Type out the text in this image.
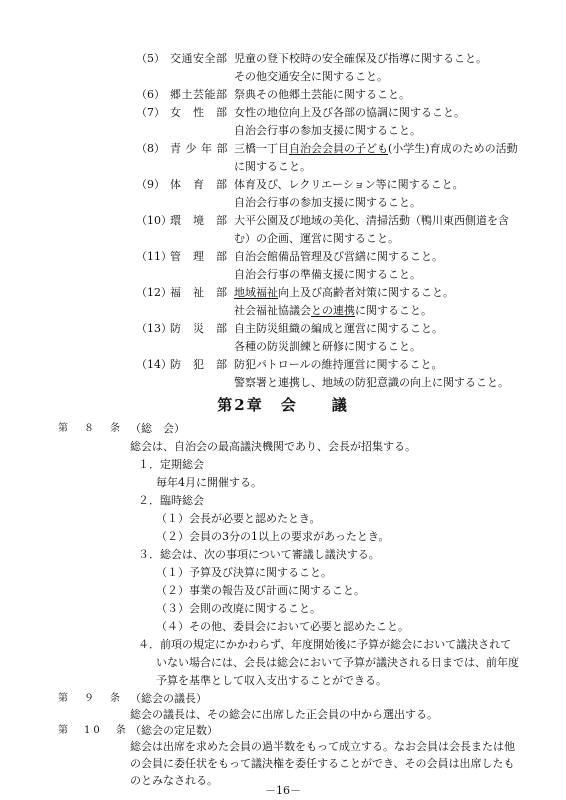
（5） 交通安全部 児童の登下校時の安全確保及び指導に関すること。
その他交通安全に関すること。
（6） 郷土芸能部 祭典その他郷土芸能に関すること。
（7） 女　性　部 女性の地位向上及び各部の協調に関すること。
自治会行事の参加支援に関すること。
（8） 青 少 年 部 三橋一丁目自治会会員の子ども(小学生)育成のための活動
に関すること。
（9） 体　育　部 体育及び、レクリエーション等に関すること。
自治会行事の参加支援に関すること。
（10）
環　境　部 大平公園及び地域の美化、清掃活動（鴨川東西側道を含
む）の企画、運営に関すること。
（11）
管　理　部 自治会館備品管理及び営繕に関すること。
自治会行事の準備支援に関すること。
（12）
福　祉　部 地域福祉向上及び高齢者対策に関すること。
社会福祉協議会との連携に関すること。
（13）
防　災　部 自主防災組織の編成と運営に関すること。
各種の防災訓練と研修に関すること。
（14）
防　犯　部 防犯パトロールの維持運営に関すること。
警察署と連携し、地域の防犯意識の向上に関すること。
第2章　会　　議
第　８　条 （総　会）
総会は、自治会の最高議決機関であり、会長が招集する。
１．定期総会
毎年4月に開催する。
２．臨時総会
（１）会長が必要と認めたとき。
（２）会員の3分の1以上の要求があったとき。
３．総会は、次の事項について審議し議決する。
（１）予算及び決算に関すること。
（２）事業の報告及び計画に関すること。
（３）会則の改廃に関すること。
（４）その他、委員会において必要と認めたこと。
４．前項の規定にかかわらず、年度開始後に予算が総会において議決されて
いない場合には、会長は総会において予算が議決される日までは、前年度
予算を基準として収入支出することができる。
第　９　条 （総会の議長）
総会の議長は、その総会に出席した正会員の中から選出する。
第　10　条 （総会の定足数）
総会は出席を求めた会員の過半数をもって成立する。なお会員は会長または他の会員に委任状をもって議決権を委任することができ、その会員は出席したものとみなされる。
－16－
